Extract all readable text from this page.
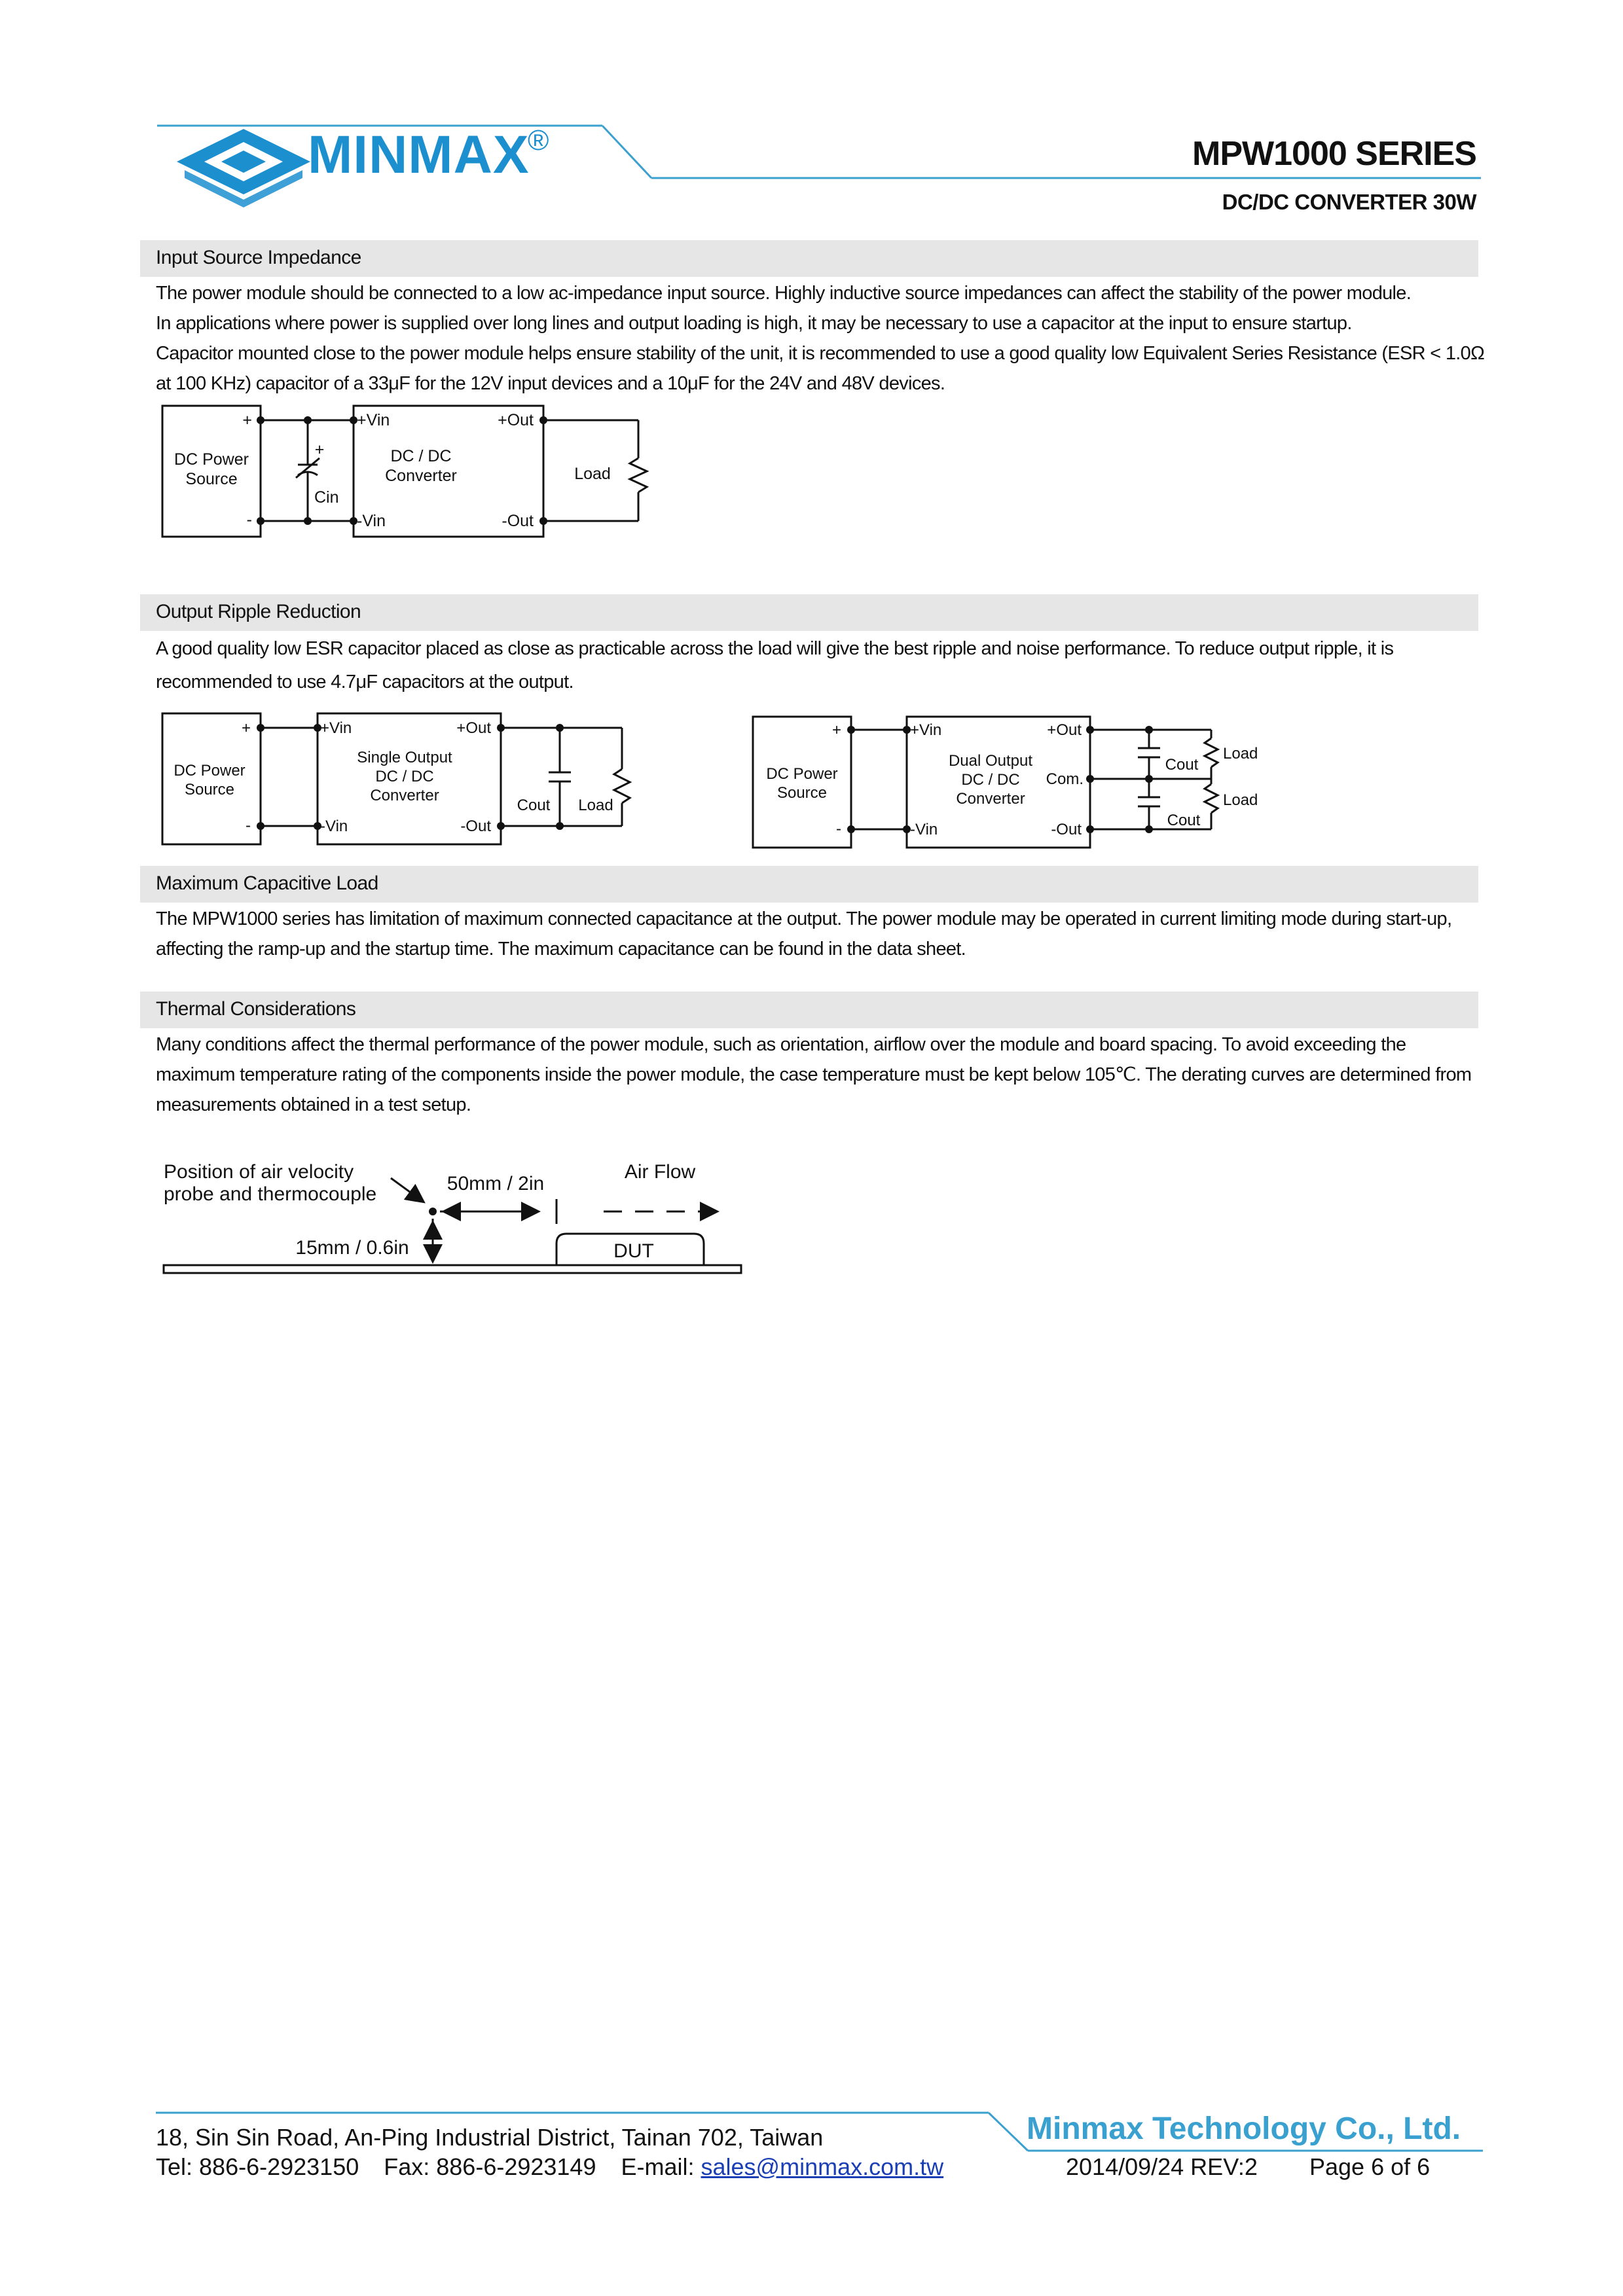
MINMAX
®	MPW1000 SERIES
DC/DC CONVERTER 30W
Input Source Impedance

The power module should be connected to a low ac-impedance input source. Highly inductive source impedances can affect the stability of the power module.

In applications where power is supplied over long lines and output loading is high, it may be necessary to use a capacitor at the input to ensure startup.

Capacitor mounted close to the power module helps ensure stability of the unit, it is recommended to use a good quality low Equivalent Series Resistance (ESR < 1.0Ω at 100 KHz) capacitor of a 33μF for the 12V input devices and a 10μF for the 24V and 48V devices.

+
-
DC Power
Source
+
Cin
+Vin	+Out
-Vin	-Out
DC / DC
Converter	Load
Output Ripple Reduction

A good quality low ESR capacitor placed as close as practicable across the load will give the best ripple and noise performance. To reduce output ripple, it is recommended to use 4.7μF capacitors at the output.

+
-
DC Power
Source
+Vin	+Out
-Vin	-Out
Single Output
DC / DC
Converter
Cout Load
+
-
DC Power
Source
+Vin	+Out
-Vin	-Out
Com.
Dual Output
DC / DC
Converter
Cout
Cout
Load
Load
Maximum Capacitive Load

The MPW1000 series has limitation of maximum connected capacitance at the output. The power module may be operated in current limiting mode during start-up, affecting the ramp-up and the startup time. The maximum capacitance can be found in the data sheet.

Thermal Considerations

Many conditions affect the thermal performance of the power module, such as orientation, airflow over the module and board spacing. To avoid exceeding the maximum temperature rating of the components inside the power module, the case temperature must be kept below 105℃. The derating curves are determined from measurements obtained in a test setup.

Position of air velocity
probe and thermocouple	50mm / 2in
Air Flow
15mm / 0.6in	DUT
Minmax Technology Co., Ltd.
18, Sin Sin Road, An-Ping Industrial District, Tainan 702, Taiwan
Tel: 886-6-2923150 Fax: 886-6-2923149 E-mail: sales@minmax.com.tw	2014/09/24 REV:2 Page 6 of 6
